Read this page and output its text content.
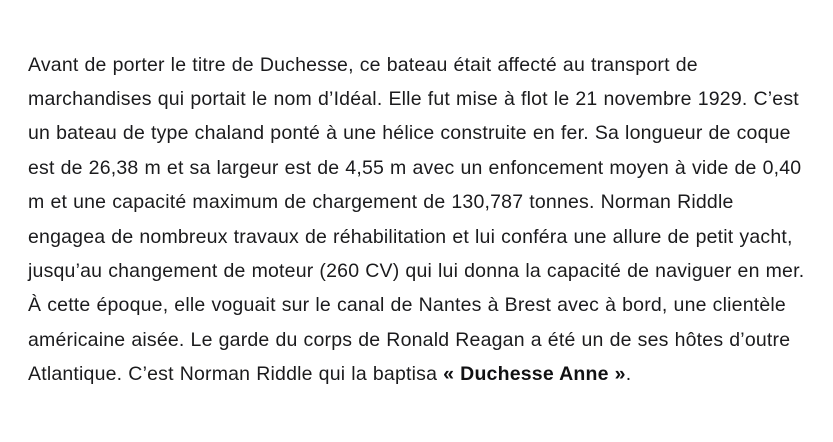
Avant de porter le titre de Duchesse, ce bateau était affecté au transport de marchandises qui portait le nom d’Idéal. Elle fut mise à flot le 21 novembre 1929. C’est un bateau de type chaland ponté à une hélice construite en fer. Sa longueur de coque est de 26,38 m et sa largeur est de 4,55 m avec un enfoncement moyen à vide de 0,40 m et une capacité maximum de chargement de 130,787 tonnes. Norman Riddle engagea de nombreux travaux de réhabilitation et lui conféra une allure de petit yacht, jusqu’au changement de moteur (260 CV) qui lui donna la capacité de naviguer en mer. À cette époque, elle voguait sur le canal de Nantes à Brest avec à bord, une clientèle américaine aisée. Le garde du corps de Ronald Reagan a été un de ses hôtes d’outre Atlantique. C’est Norman Riddle qui la baptisa « Duchesse Anne ».
